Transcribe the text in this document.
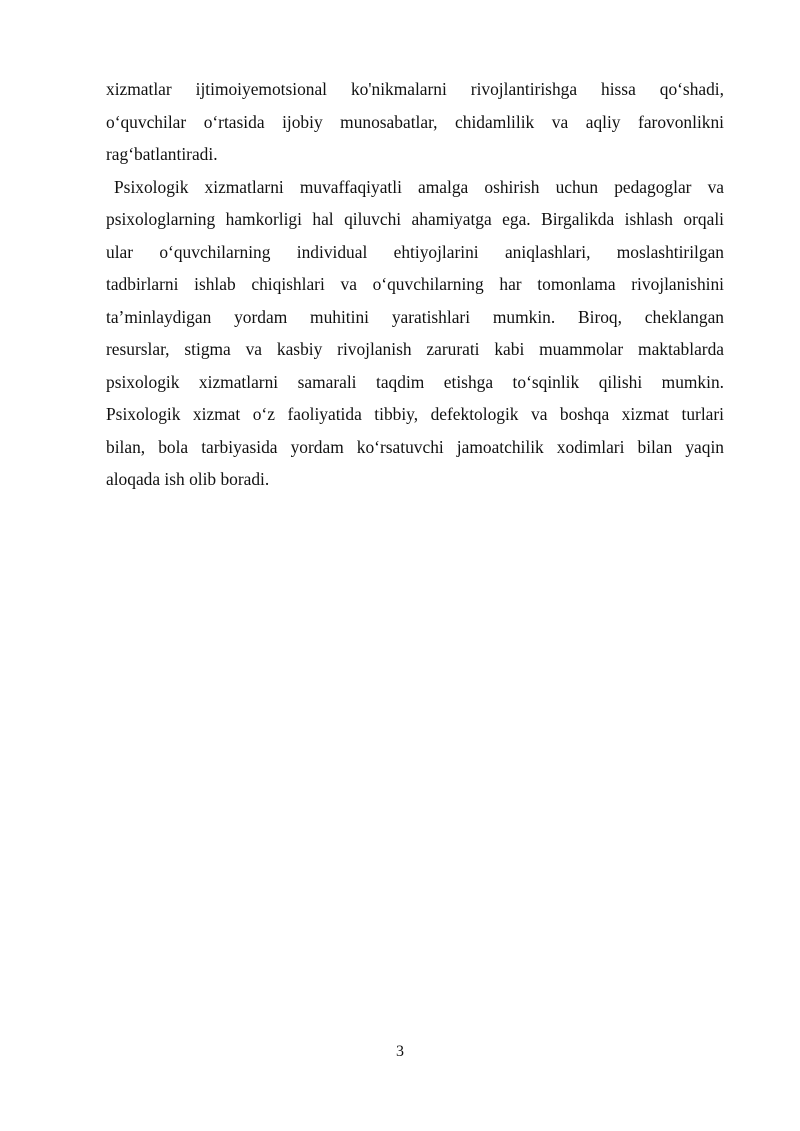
xizmatlar ijtimoiyemotsional ko'nikmalarni rivojlantirishga hissa qo‘shadi,
o‘quvchilar o‘rtasida ijobiy munosabatlar, chidamlilik va aqliy farovonlikni
rag‘batlantiradi.
Psixologik xizmatlarni muvaffaqiyatli amalga oshirish uchun pedagoglar va
psixologlarning hamkorligi hal qiluvchi ahamiyatga ega. Birgalikda ishlash orqali
ular o‘quvchilarning individual ehtiyojlarini aniqlashlari, moslashtirilgan
tadbirlarni ishlab chiqishlari va o‘quvchilarning har tomonlama rivojlanishini
ta’minlaydigan yordam muhitini yaratishlari mumkin. Biroq, cheklangan
resurslar, stigma va kasbiy rivojlanish zarurati kabi muammolar maktablarda
psixologik xizmatlarni samarali taqdim etishga to‘sqinlik qilishi mumkin.
Psixologik xizmat o‘z faoliyatida tibbiy, defektologik va boshqa xizmat turlari
bilan, bola tarbiyasida yordam ko‘rsatuvchi jamoatchilik xodimlari bilan yaqin
aloqada ish olib boradi.
3
